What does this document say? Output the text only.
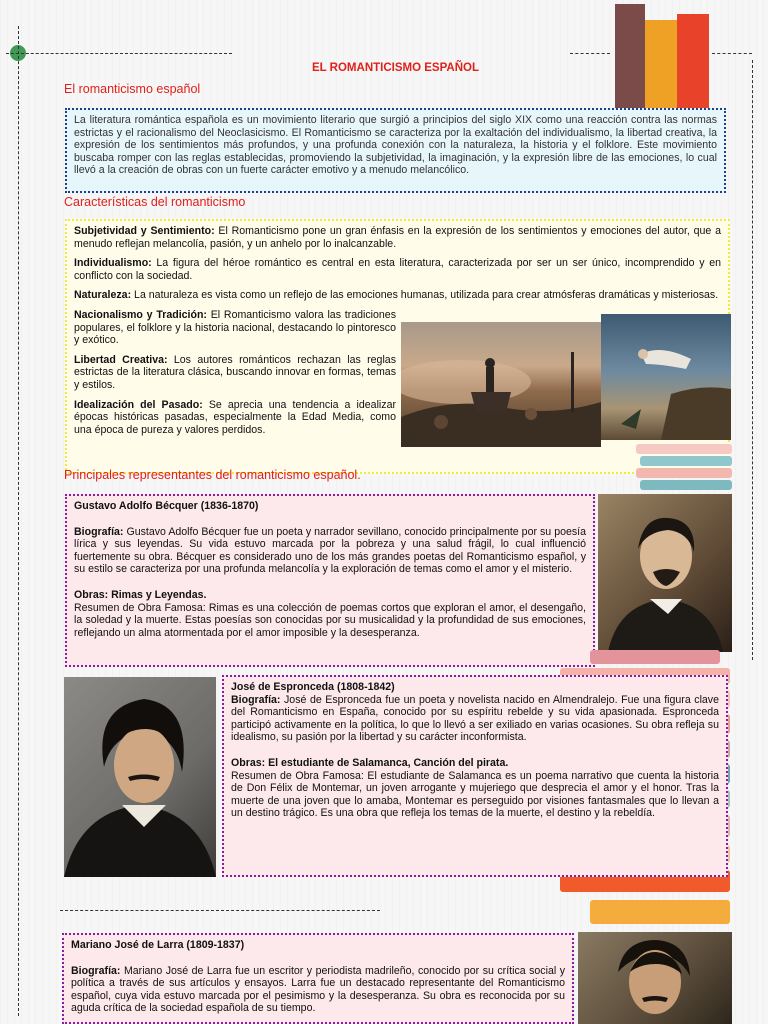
EL ROMANTICISMO ESPAÑOL
El romanticismo español

La literatura romántica española es un movimiento literario que surgió a principios del siglo XIX como una reacción contra las normas estrictas y el racionalismo del Neoclasicismo. El Romanticismo se caracteriza por la exaltación del individualismo, la libertad creativa, la expresión de los sentimientos más profundos, y una profunda conexión con la naturaleza, la historia y el folklore. Este movimiento buscaba romper con las reglas establecidas, promoviendo la subjetividad, la imaginación, y la expresión libre de las emociones, lo cual llevó a la creación de obras con un fuerte carácter emotivo y a menudo melancólico.

Características del romanticismo

Subjetividad y Sentimiento: El Romanticismo pone un gran énfasis en la expresión de los sentimientos y emociones del autor, que a menudo reflejan melancolía, pasión, y un anhelo por lo inalcanzable.

Individualismo: La figura del héroe romántico es central en esta literatura, caracterizada por ser un ser único, incomprendido y en conflicto con la sociedad.

Naturaleza: La naturaleza es vista como un reflejo de las emociones humanas, utilizada para crear atmósferas dramáticas y misteriosas.

Nacionalismo y Tradición: El Romanticismo valora las tradiciones populares, el folklore y la historia nacional, destacando lo pintoresco y exótico.

Libertad Creativa: Los autores románticos rechazan las reglas estrictas de la literatura clásica, buscando innovar en formas, temas y estilos.

Idealización del Pasado: Se aprecia una tendencia a idealizar épocas históricas pasadas, especialmente la Edad Media, como una época de pureza y valores perdidos.

Principales representantes del romanticismo español.

Gustavo Adolfo Bécquer (1836-1870)

Biografía: Gustavo Adolfo Bécquer fue un poeta y narrador sevillano, conocido principalmente por su poesía lírica y sus leyendas. Su vida estuvo marcada por la pobreza y una salud frágil, lo cual influenció fuertemente su obra. Bécquer es considerado uno de los más grandes poetas del Romanticismo español, y su estilo se caracteriza por una profunda melancolía y la exploración de temas como el amor y el misterio.

Obras: Rimas y Leyendas.

Resumen de Obra Famosa: Rimas es una colección de poemas cortos que exploran el amor, el desengaño, la soledad y la muerte. Estas poesías son conocidas por su musicalidad y la profundidad de sus emociones, reflejando un alma atormentada por el amor imposible y la desesperanza.

José de Espronceda (1808-1842)

Biografía: José de Espronceda fue un poeta y novelista nacido en Almendralejo. Fue una figura clave del Romanticismo en España, conocido por su espíritu rebelde y su vida apasionada. Espronceda participó activamente en la política, lo que lo llevó a ser exiliado en varias ocasiones. Su obra refleja su idealismo, su pasión por la libertad y su carácter inconformista.

Obras: El estudiante de Salamanca, Canción del pirata.

Resumen de Obra Famosa: El estudiante de Salamanca es un poema narrativo que cuenta la historia de Don Félix de Montemar, un joven arrogante y mujeriego que desprecia el amor y el honor. Tras la muerte de una joven que lo amaba, Montemar es perseguido por visiones fantasmales que lo llevan a un destino trágico. Es una obra que refleja los temas de la muerte, el destino y la rebeldía.

Mariano José de Larra (1809-1837)

Biografía: Mariano José de Larra fue un escritor y periodista madrileño, conocido por su crítica social y política a través de sus artículos y ensayos. Larra fue un destacado representante del Romanticismo español, cuya vida estuvo marcada por el pesimismo y la desesperanza. Su obra es reconocida por su aguda crítica de la sociedad española de su tiempo.
